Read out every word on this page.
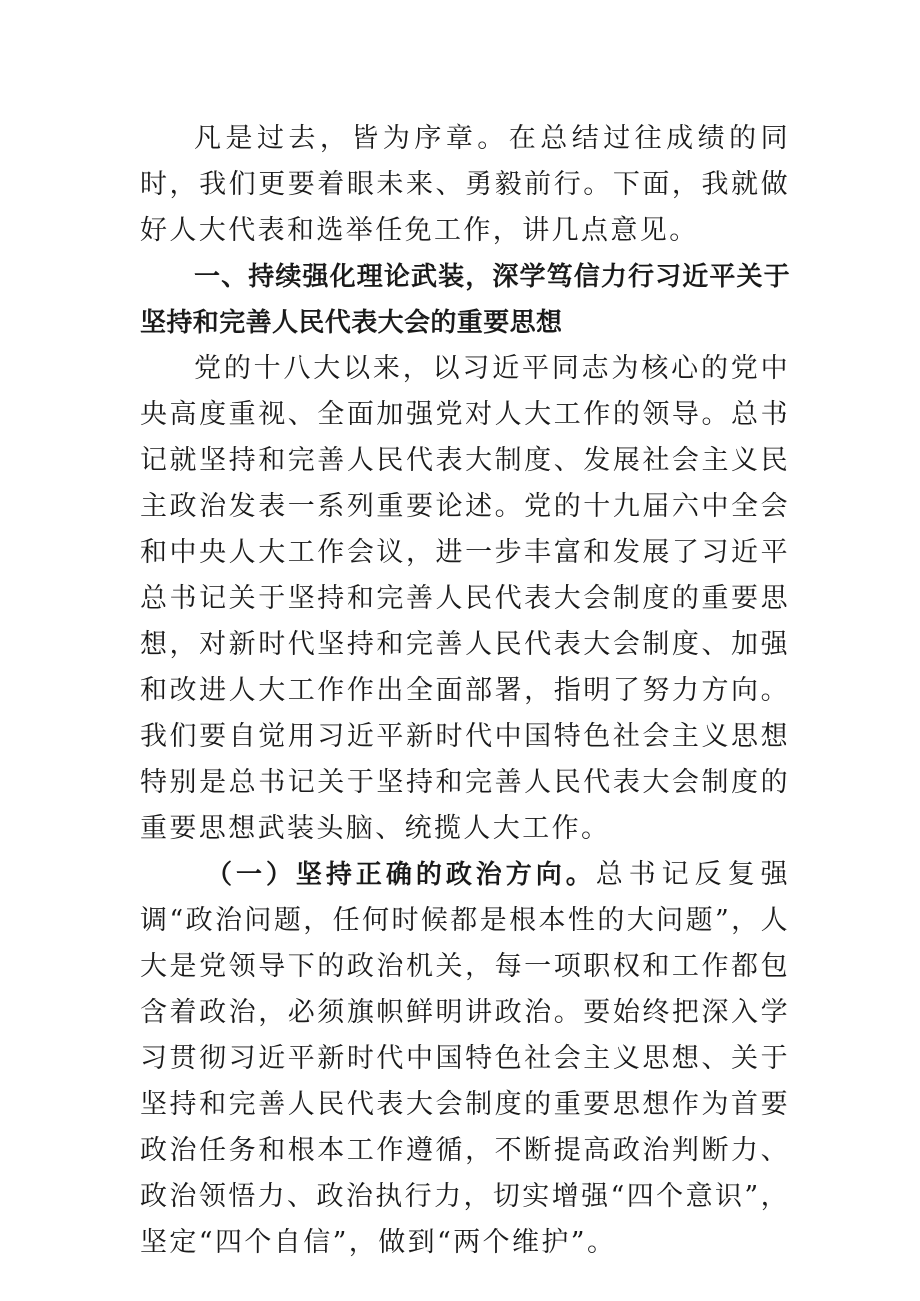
凡是过去，皆为序章。在总结过往成绩的同时，我们更要着眼未来、勇毅前行。下面，我就做好人大代表和选举任免工作，讲几点意见。

一、持续强化理论武装，深学笃信力行习近平关于坚持和完善人民代表大会的重要思想

党的十八大以来，以习近平同志为核心的党中央高度重视、全面加强党对人大工作的领导。总书记就坚持和完善人民代表大制度、发展社会主义民主政治发表一系列重要论述。党的十九届六中全会和中央人大工作会议，进一步丰富和发展了习近平总书记关于坚持和完善人民代表大会制度的重要思想，对新时代坚持和完善人民代表大会制度、加强和改进人大工作作出全面部署，指明了努力方向。我们要自觉用习近平新时代中国特色社会主义思想特别是总书记关于坚持和完善人民代表大会制度的重要思想武装头脑、统揽人大工作。

（一）坚持正确的政治方向。总书记反复强调“政治问题，任何时候都是根本性的大问题”，人大是党领导下的政治机关，每一项职权和工作都包含着政治，必须旗帜鲜明讲政治。要始终把深入学习贯彻习近平新时代中国特色社会主义思想、关于坚持和完善人民代表大会制度的重要思想作为首要政治任务和根本工作遵循，不断提高政治判断力、政治领悟力、政治执行力，切实增强“四个意识”，坚定“四个自信”，做到“两个维护”。
